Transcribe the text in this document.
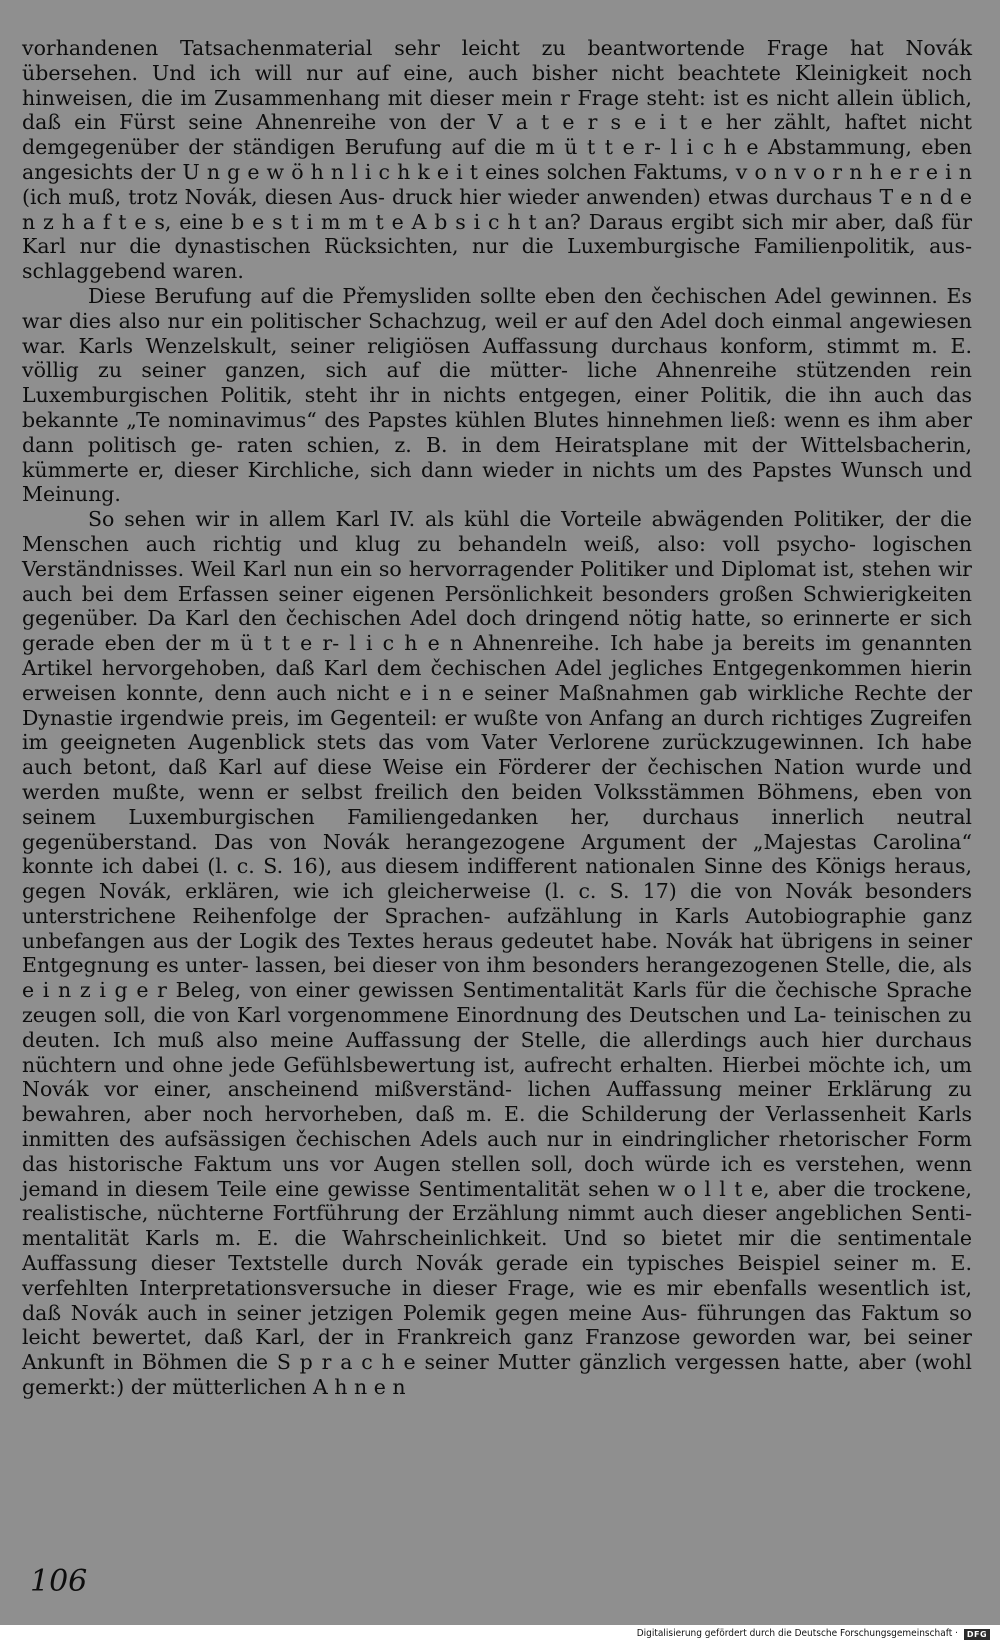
vorhandenen Tatsachenmaterial sehr leicht zu beantwortende Frage hat Novák übersehen. Und ich will nur auf eine, auch bisher nicht beachtete Kleinigkeit noch hinweisen, die im Zusammenhang mit dieser mein r Frage steht: ist es nicht allein üblich, daß ein Fürst seine Ahnenreihe von der V a t e r s e i t e her zählt, haftet nicht demgegenüber der ständigen Berufung auf die m ü t t e r- l i c h e Abstammung, eben angesichts der U n g e w ö h n l i c h k e i t eines solchen Faktums, v o n v o r n h e r e i n (ich muß, trotz Novák, diesen Aus- druck hier wieder anwenden) etwas durchaus T e n d e n z h a f t e s, eine b e s t i m m t e A b s i c h t an? Daraus ergibt sich mir aber, daß für Karl nur die dynastischen Rücksichten, nur die Luxemburgische Familienpolitik, aus- schlaggebend waren.

Diese Berufung auf die Přemysliden sollte eben den čechischen Adel gewinnen. Es war dies also nur ein politischer Schachzug, weil er auf den Adel doch einmal angewiesen war. Karls Wenzelskult, seiner religiösen Auffassung durchaus konform, stimmt m. E. völlig zu seiner ganzen, sich auf die mütter- liche Ahnenreihe stützenden rein Luxemburgischen Politik, steht ihr in nichts entgegen, einer Politik, die ihn auch das bekannte „Te nominavimus“ des Papstes kühlen Blutes hinnehmen ließ: wenn es ihm aber dann politisch ge- raten schien, z. B. in dem Heiratsplane mit der Wittelsbacherin, kümmerte er, dieser Kirchliche, sich dann wieder in nichts um des Papstes Wunsch und Meinung.

So sehen wir in allem Karl IV. als kühl die Vorteile abwägenden Politiker, der die Menschen auch richtig und klug zu behandeln weiß, also: voll psycho- logischen Verständnisses. Weil Karl nun ein so hervorragender Politiker und Diplomat ist, stehen wir auch bei dem Erfassen seiner eigenen Persönlichkeit besonders großen Schwierigkeiten gegenüber. Da Karl den čechischen Adel doch dringend nötig hatte, so erinnerte er sich gerade eben der m ü t t e r- l i c h e n Ahnenreihe. Ich habe ja bereits im genannten Artikel hervorgehoben, daß Karl dem čechischen Adel jegliches Entgegenkommen hierin erweisen konnte, denn auch nicht e i n e seiner Maßnahmen gab wirkliche Rechte der Dynastie irgendwie preis, im Gegenteil: er wußte von Anfang an durch richtiges Zugreifen im geeigneten Augenblick stets das vom Vater Verlorene zurückzugewinnen. Ich habe auch betont, daß Karl auf diese Weise ein Förderer der čechischen Nation wurde und werden mußte, wenn er selbst freilich den beiden Volksstämmen Böhmens, eben von seinem Luxemburgischen Familiengedanken her, durchaus innerlich neutral gegenüberstand. Das von Novák herangezogene Argument der „Majestas Carolina“ konnte ich dabei (l. c. S. 16), aus diesem indifferent nationalen Sinne des Königs heraus, gegen Novák, erklären, wie ich gleicherweise (l. c. S. 17) die von Novák besonders unterstrichene Reihenfolge der Sprachen- aufzählung in Karls Autobiographie ganz unbefangen aus der Logik des Textes heraus gedeutet habe. Novák hat übrigens in seiner Entgegnung es unter- lassen, bei dieser von ihm besonders herangezogenen Stelle, die, als e i n z i g e r Beleg, von einer gewissen Sentimentalität Karls für die čechische Sprache zeugen soll, die von Karl vorgenommene Einordnung des Deutschen und La- teinischen zu deuten. Ich muß also meine Auffassung der Stelle, die allerdings auch hier durchaus nüchtern und ohne jede Gefühlsbewertung ist, aufrecht erhalten. Hierbei möchte ich, um Novák vor einer, anscheinend mißverständ- lichen Auffassung meiner Erklärung zu bewahren, aber noch hervorheben, daß m. E. die Schilderung der Verlassenheit Karls inmitten des aufsässigen čechischen Adels auch nur in eindringlicher rhetorischer Form das historische Faktum uns vor Augen stellen soll, doch würde ich es verstehen, wenn jemand in diesem Teile eine gewisse Sentimentalität sehen w o l l t e, aber die trockene, realistische, nüchterne Fortführung der Erzählung nimmt auch dieser angeblichen Senti- mentalität Karls m. E. die Wahrscheinlichkeit. Und so bietet mir die sentimentale Auffassung dieser Textstelle durch Novák gerade ein typisches Beispiel seiner m. E. verfehlten Interpretationsversuche in dieser Frage, wie es mir ebenfalls wesentlich ist, daß Novák auch in seiner jetzigen Polemik gegen meine Aus- führungen das Faktum so leicht bewertet, daß Karl, der in Frankreich ganz Franzose geworden war, bei seiner Ankunft in Böhmen die S p r a c h e seiner Mutter gänzlich vergessen hatte, aber (wohl gemerkt:) der mütterlichen A h n e n

106
Digitalisierung gefördert durch die Deutsche Forschungsgemeinschaft ·	DFG
